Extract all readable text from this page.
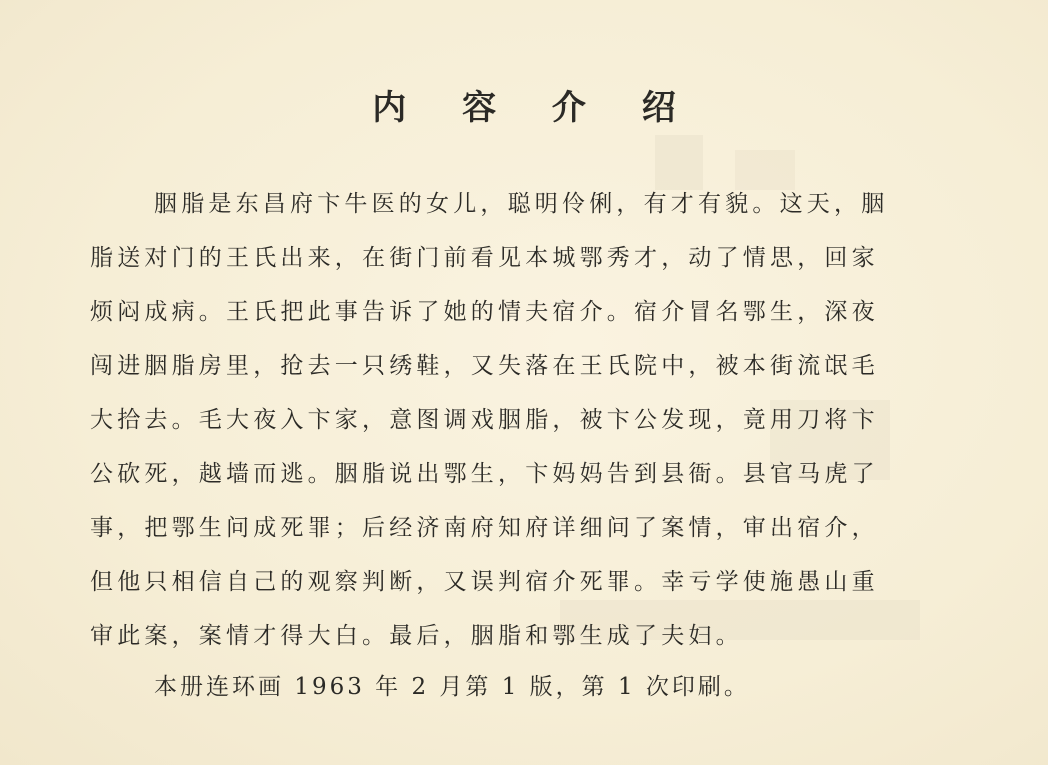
内 容 介 绍
胭脂是东昌府卞牛医的女儿，聪明伶俐，有才有貌。这天，胭
脂送对门的王氏出来，在街门前看见本城鄂秀才，动了情思，回家
烦闷成病。王氏把此事告诉了她的情夫宿介。宿介冒名鄂生，深夜
闯进胭脂房里，抢去一只绣鞋，又失落在王氏院中，被本街流氓毛
大拾去。毛大夜入卞家，意图调戏胭脂，被卞公发现，竟用刀将卞
公砍死，越墙而逃。胭脂说出鄂生，卞妈妈告到县衙。县官马虎了
事，把鄂生问成死罪；后经济南府知府详细问了案情，审出宿介，
但他只相信自己的观察判断，又误判宿介死罪。幸亏学使施愚山重
审此案，案情才得大白。最后，胭脂和鄂生成了夫妇。
本册连环画 1963 年 2 月第 1 版，第 1 次印刷。
